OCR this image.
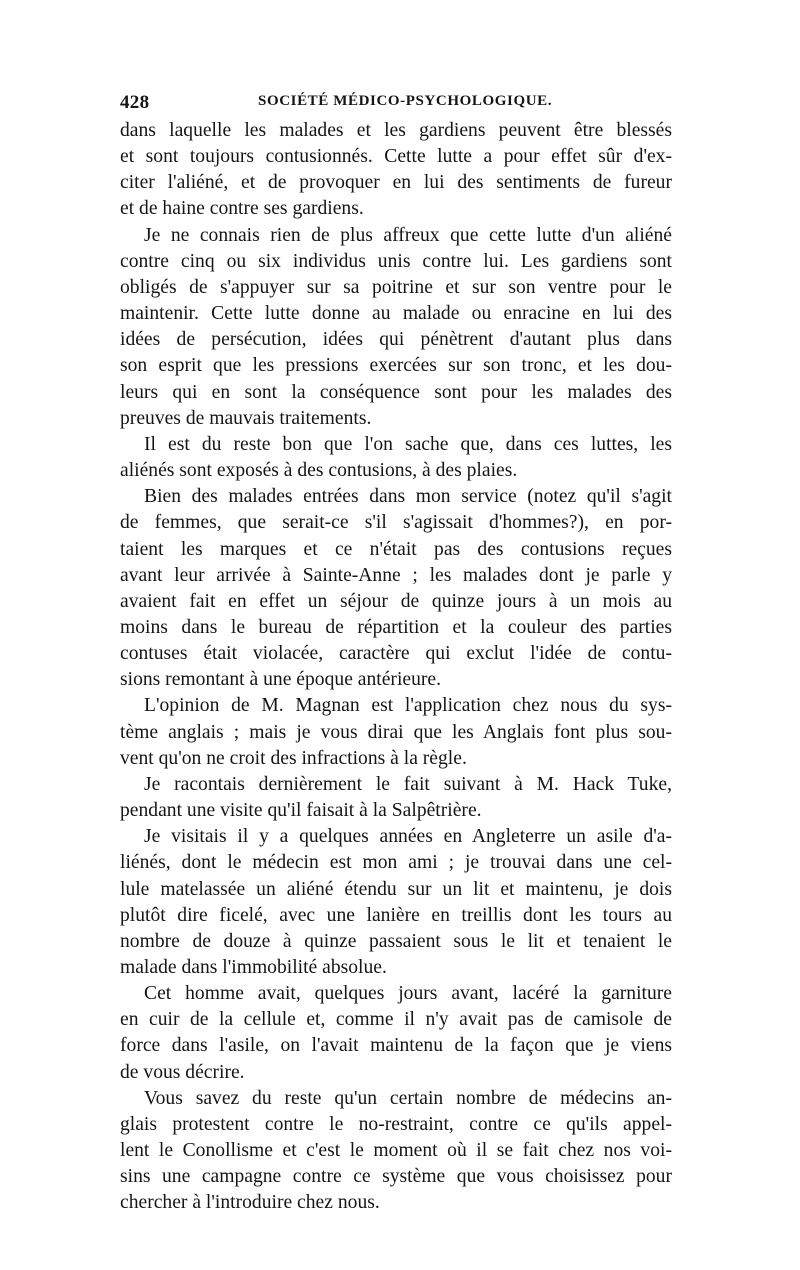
428	SOCIÉTÉ MÉDICO-PSYCHOLOGIQUE.
dans laquelle les malades et les gardiens peuvent être blessés
et sont toujours contusionnés. Cette lutte a pour effet sûr d'ex-
citer l'aliéné, et de provoquer en lui des sentiments de fureur
et de haine contre ses gardiens.
Je ne connais rien de plus affreux que cette lutte d'un aliéné
contre cinq ou six individus unis contre lui. Les gardiens sont
obligés de s'appuyer sur sa poitrine et sur son ventre pour le
maintenir. Cette lutte donne au malade ou enracine en lui des
idées de persécution, idées qui pénètrent d'autant plus dans
son esprit que les pressions exercées sur son tronc, et les dou-
leurs qui en sont la conséquence sont pour les malades des
preuves de mauvais traitements.
Il est du reste bon que l'on sache que, dans ces luttes, les
aliénés sont exposés à des contusions, à des plaies.
Bien des malades entrées dans mon service (notez qu'il s'agit
de femmes, que serait-ce s'il s'agissait d'hommes?), en por-
taient les marques et ce n'était pas des contusions reçues
avant leur arrivée à Sainte-Anne ; les malades dont je parle y
avaient fait en effet un séjour de quinze jours à un mois au
moins dans le bureau de répartition et la couleur des parties
contuses était violacée, caractère qui exclut l'idée de contu-
sions remontant à une époque antérieure.
L'opinion de M. Magnan est l'application chez nous du sys-
tème anglais ; mais je vous dirai que les Anglais font plus sou-
vent qu'on ne croit des infractions à la règle.
Je racontais dernièrement le fait suivant à M. Hack Tuke,
pendant une visite qu'il faisait à la Salpêtrière.
Je visitais il y a quelques années en Angleterre un asile d'a-
liénés, dont le médecin est mon ami ; je trouvai dans une cel-
lule matelassée un aliéné étendu sur un lit et maintenu, je dois
plutôt dire ficelé, avec une lanière en treillis dont les tours au
nombre de douze à quinze passaient sous le lit et tenaient le
malade dans l'immobilité absolue.
Cet homme avait, quelques jours avant, lacéré la garniture
en cuir de la cellule et, comme il n'y avait pas de camisole de
force dans l'asile, on l'avait maintenu de la façon que je viens
de vous décrire.
Vous savez du reste qu'un certain nombre de médecins an-
glais protestent contre le no-restraint, contre ce qu'ils appel-
lent le Conollisme et c'est le moment où il se fait chez nos voi-
sins une campagne contre ce système que vous choisissez pour
chercher à l'introduire chez nous.
